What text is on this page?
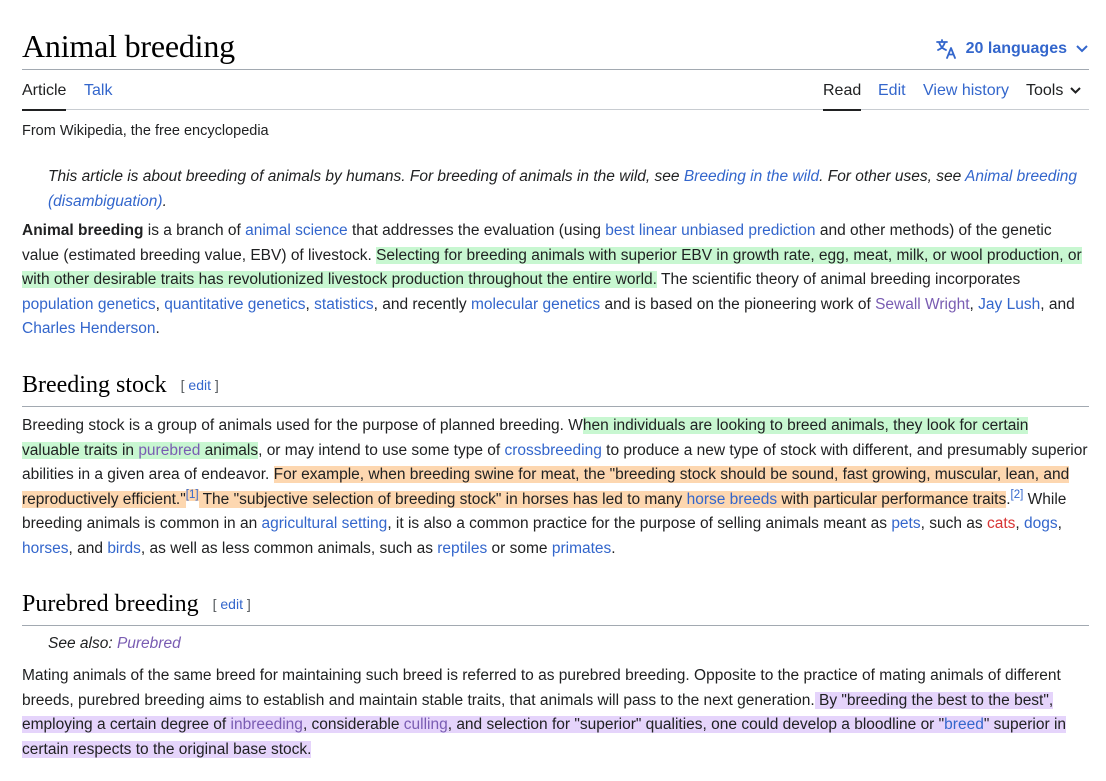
Animal breeding	20 languages
Article Talk	Read Edit View history Tools
From Wikipedia, the free encyclopedia
This article is about breeding of animals by humans. For breeding of animals in the wild, see Breeding in the wild. For other uses, see Animal breeding (disambiguation).

Animal breeding is a branch of animal science that addresses the evaluation (using best linear unbiased prediction and other methods) of the genetic value (estimated breeding value, EBV) of livestock. Selecting for breeding animals with superior EBV in growth rate, egg, meat, milk, or wool production, or with other desirable traits has revolutionized livestock production throughout the entire world. The scientific theory of animal breeding incorporates population genetics, quantitative genetics, statistics, and recently molecular genetics and is based on the pioneering work of Sewall Wright, Jay Lush, and Charles Henderson.

Breeding stock [ edit ]

Breeding stock is a group of animals used for the purpose of planned breeding. When individuals are looking to breed animals, they look for certain valuable traits in purebred animals, or may intend to use some type of crossbreeding to produce a new type of stock with different, and presumably superior abilities in a given area of endeavor. For example, when breeding swine for meat, the "breeding stock should be sound, fast growing, muscular, lean, and reproductively efficient."[1] The "subjective selection of breeding stock" in horses has led to many horse breeds with particular performance traits.[2] While breeding animals is common in an agricultural setting, it is also a common practice for the purpose of selling animals meant as pets, such as cats, dogs, horses, and birds, as well as less common animals, such as reptiles or some primates.

Purebred breeding [ edit ]
See also: Purebred

Mating animals of the same breed for maintaining such breed is referred to as purebred breeding. Opposite to the practice of mating animals of different breeds, purebred breeding aims to establish and maintain stable traits, that animals will pass to the next generation. By "breeding the best to the best", employing a certain degree of inbreeding, considerable culling, and selection for "superior" qualities, one could develop a bloodline or "breed" superior in certain respects to the original base stock.
